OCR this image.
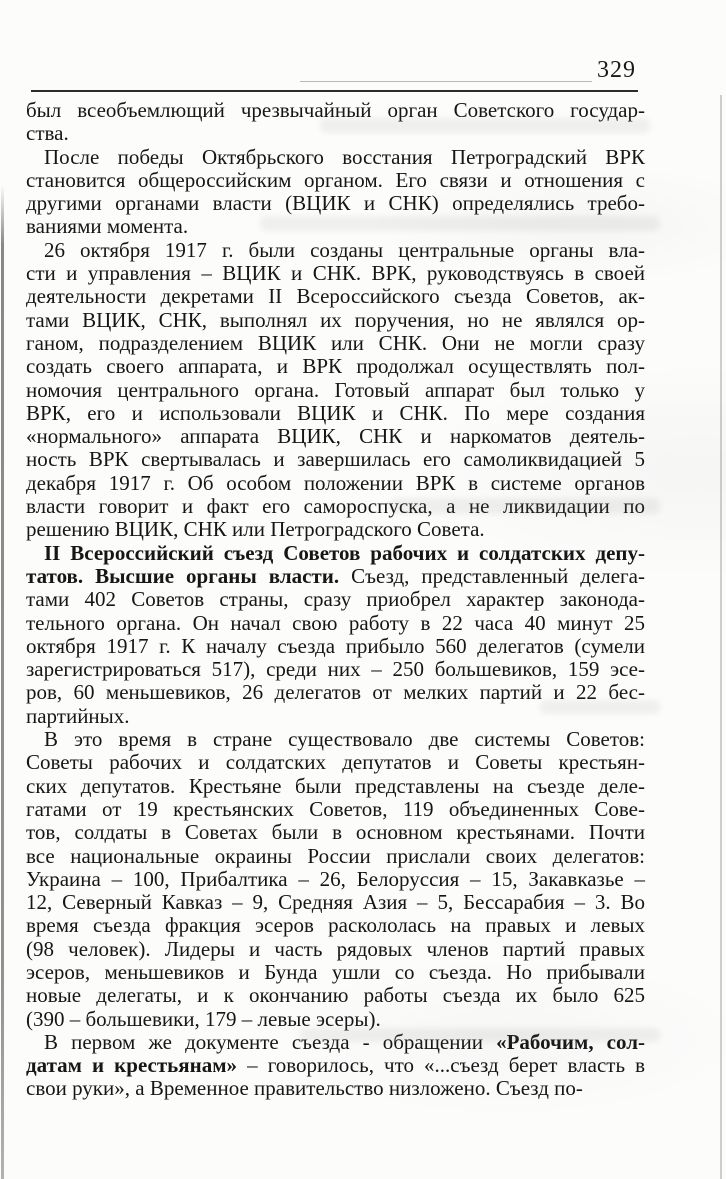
329
был всеобъемлющий чрезвычайный орган Советского государ-
ства.
После победы Октябрьского восстания Петроградский ВРК
становится общероссийским органом. Его связи и отношения с
другими органами власти (ВЦИК и СНК) определялись требо-
ваниями момента.
26 октября 1917 г. были созданы центральные органы вла-
сти и управления – ВЦИК и СНК. ВРК, руководствуясь в своей
деятельности декретами II Всероссийского съезда Советов, ак-
тами ВЦИК, СНК, выполнял их поручения, но не являлся ор-
ганом, подразделением ВЦИК или СНК. Они не могли сразу
создать своего аппарата, и ВРК продолжал осуществлять пол-
номочия центрального органа. Готовый аппарат был только у
ВРК, его и использовали ВЦИК и СНК. По мере создания
«нормального» аппарата ВЦИК, СНК и наркоматов деятель-
ность ВРК свертывалась и завершилась его самоликвидацией 5
декабря 1917 г. Об особом положении ВРК в системе органов
власти говорит и факт его самороспуска, а не ликвидации по
решению ВЦИК, СНК или Петроградского Совета.
II Всероссийский съезд Советов рабочих и солдатских депу-
татов. Высшие органы власти. Съезд, представленный делега-
тами 402 Советов страны, сразу приобрел характер законода-
тельного органа. Он начал свою работу в 22 часа 40 минут 25
октября 1917 г. К началу съезда прибыло 560 делегатов (сумели
зарегистрироваться 517), среди них – 250 большевиков, 159 эсе-
ров, 60 меньшевиков, 26 делегатов от мелких партий и 22 бес-
партийных.
В это время в стране существовало две системы Советов:
Советы рабочих и солдатских депутатов и Советы крестьян-
ских депутатов. Крестьяне были представлены на съезде деле-
гатами от 19 крестьянских Советов, 119 объединенных Сове-
тов, солдаты в Советах были в основном крестьянами. Почти
все национальные окраины России прислали своих делегатов:
Украина – 100, Прибалтика – 26, Белоруссия – 15, Закавказье –
12, Северный Кавказ – 9, Средняя Азия – 5, Бессарабия – 3. Во
время съезда фракция эсеров раскололась на правых и левых
(98 человек). Лидеры и часть рядовых членов партий правых
эсеров, меньшевиков и Бунда ушли со съезда. Но прибывали
новые делегаты, и к окончанию работы съезда их было 625
(390 – большевики, 179 – левые эсеры).
В первом же документе съезда - обращении «Рабочим, сол-
датам и крестьянам» – говорилось, что «...съезд берет власть в
свои руки», а Временное правительство низложено. Съезд по-
